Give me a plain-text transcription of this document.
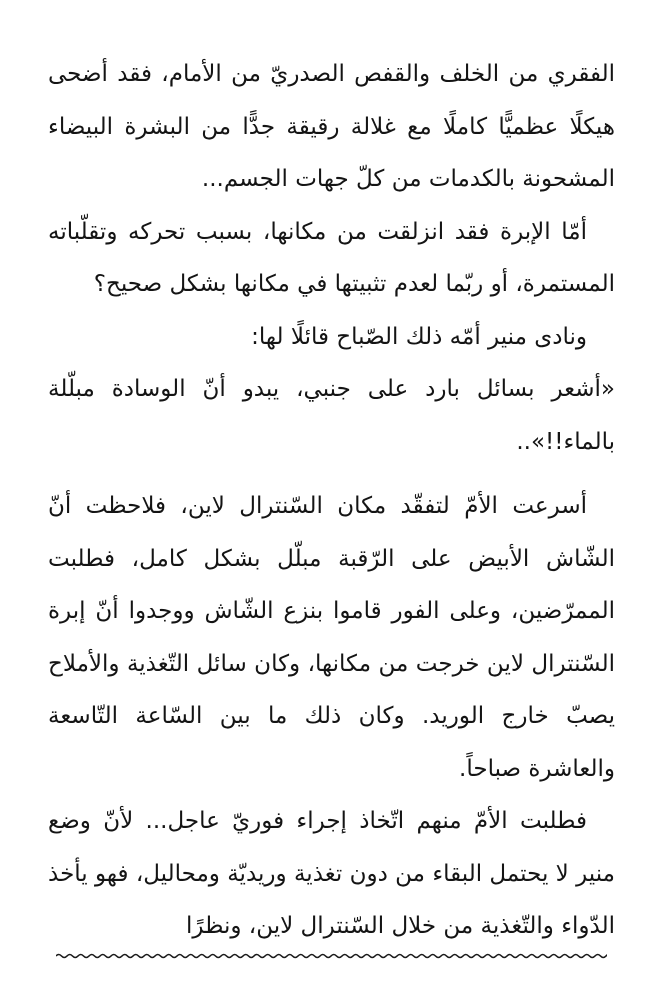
الفقري من الخلف والقفص الصدريّ من الأمام، فقد أضحى هيكلًا عظميًّا كاملًا مع غلالة رقيقة جدًّا من البشرة البيضاء المشحونة بالكدمات من كلّ جهات الجسم...

أمّا الإبرة فقد انزلقت من مكانها، بسبب تحركه وتقلّباته المستمرة، أو ربّما لعدم تثبيتها في مكانها بشكل صحيح؟

ونادى منير أمّه ذلك الصّباح قائلًا لها:

«أشعر بسائل بارد على جنبي، يبدو أنّ الوسادة مبلّلة بالماء!!»..

أسرعت الأمّ لتفقّد مكان السّنترال لاين، فلاحظت أنّ الشّاش الأبيض على الرّقبة مبلّل بشكل كامل، فطلبت الممرّضين، وعلى الفور قاموا بنزع الشّاش ووجدوا أنّ إبرة السّنترال لاين خرجت من مكانها، وكان سائل التّغذية والأملاح يصبّ خارج الوريد. وكان ذلك ما بين السّاعة التّاسعة والعاشرة صباحاً.

فطلبت الأمّ منهم اتّخاذ إجراء فوريّ عاجل... لأنّ وضع منير لا يحتمل البقاء من دون تغذية وريديّة ومحاليل، فهو يأخذ الدّواء والتّغذية من خلال السّنترال لاين، ونظرًا
